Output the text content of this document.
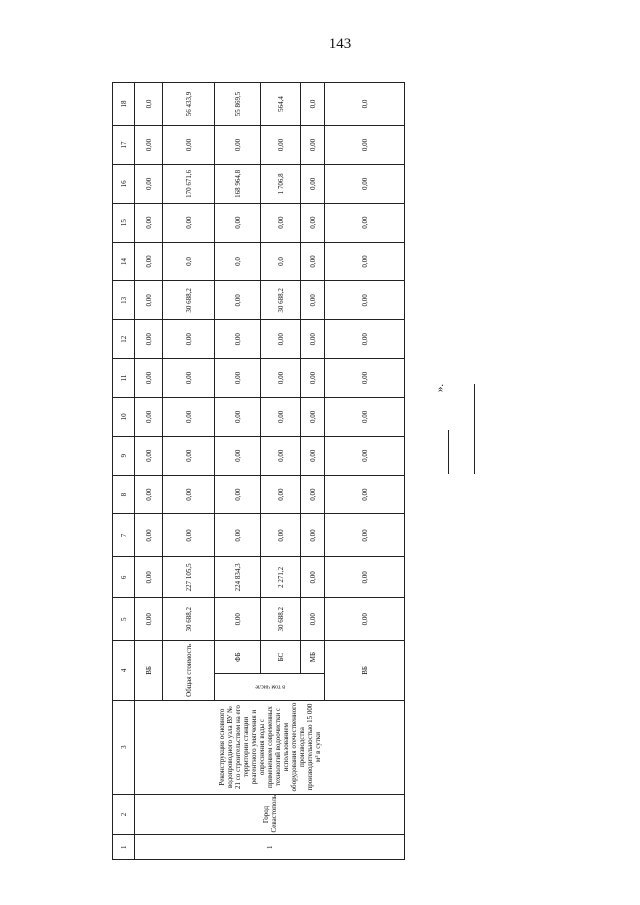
143
1	2	3	4		5	6	7	8	9	10	11	12	13	14	15	16	17	18
1	Город Севастополь	Реконструкция основного водопроводного узла ВУ № 21 со строительством на его территории станции реагентного умягчения и опреснения воды с применением современных технологий водоочистки с использованием оборудования отечественного производства производительностью 15 000 м³ в сутки	ВБ		0,00	0,00	0,00	0,00	0,00	0,00	0,00	0,00	0,00	0,00	0,00	0,00	0,00	0,0
			Общая стоимость		30 688,2	227 105,5	0,00	0,00	0,00	0,00	0,00	0,00	30 688,2	0,0	0,00	170 671,6	0,00	56 433,9
			в том числе	ФБ	0,00	224 834,3	0,00	0,00	0,00	0,00	0,00	0,00	0,00	0,0	0,00	168 964,8	0,00	55 869,5
				БС	30 688,2	2 271,2	0,00	0,00	0,00	0,00	0,00	0,00	30 688,2	0,0	0,00	1 706,8	0,00	564,4
				МБ	0,00	0,00	0,00	0,00	0,00	0,00	0,00	0,00	0,00	0,00	0,00	0,00	0,00	0,0
			ВБ		0,00	0,00	0,00	0,00	0,00	0,00	0,00	0,00	0,00	0,00	0,00	0,00	0,00	0,0
».
